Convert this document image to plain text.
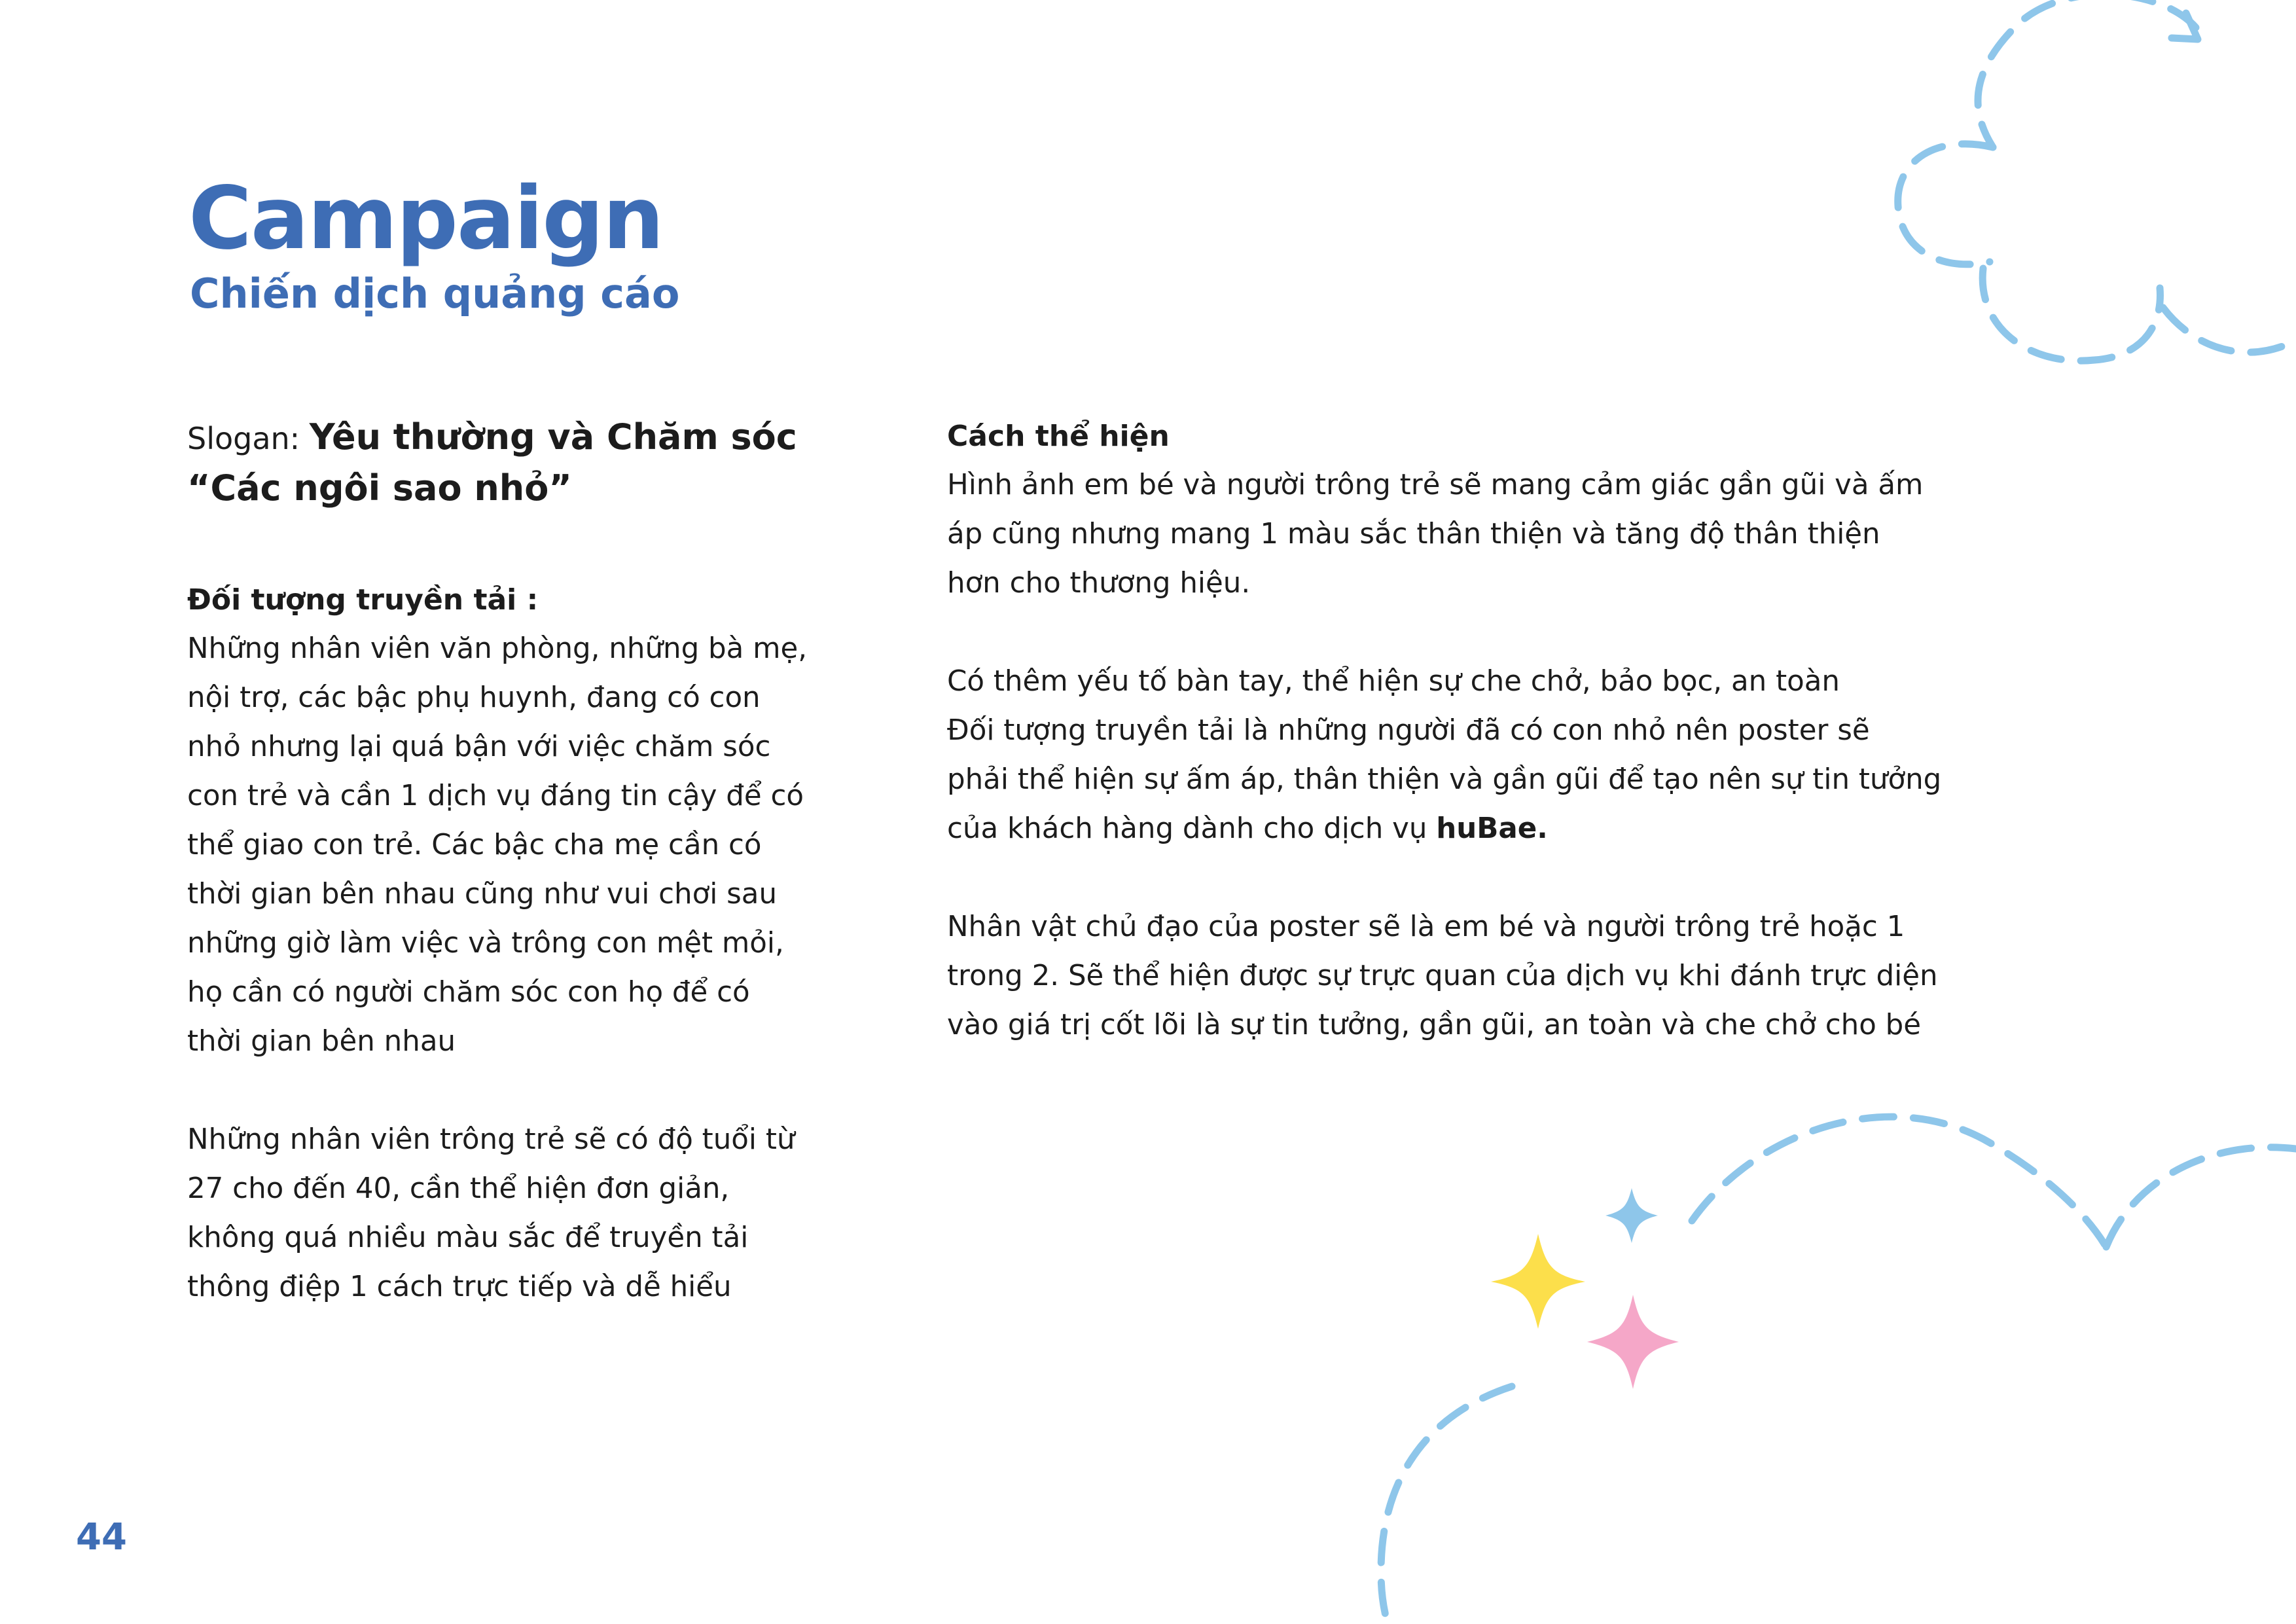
Campaign
Chiến dịch quảng cáo

Slogan: Yêu thường và Chăm sóc

“Các ngôi sao nhỏ”

Đối tượng truyền tải :

Những nhân viên văn phòng, những bà mẹ,

nội trợ, các bậc phụ huynh, đang có con

nhỏ nhưng lại quá bận với việc chăm sóc

con trẻ và cần 1 dịch vụ đáng tin cậy để có

thể giao con trẻ. Các bậc cha mẹ cần có

thời gian bên nhau cũng như vui chơi sau

những giờ làm việc và trông con mệt mỏi,

họ cần có người chăm sóc con họ để có

thời gian bên nhau

Những nhân viên trông trẻ sẽ có độ tuổi từ

27 cho đến 40, cần thể hiện đơn giản,

không quá nhiều màu sắc để truyền tải

thông điệp 1 cách trực tiếp và dễ hiểu

Cách thể hiện

Hình ảnh em bé và người trông trẻ sẽ mang cảm giác gần gũi và ấm

áp cũng nhưng mang 1 màu sắc thân thiện và tăng độ thân thiện

hơn cho thương hiệu.

Có thêm yếu tố bàn tay, thể hiện sự che chở, bảo bọc, an toàn

Đối tượng truyền tải là những người đã có con nhỏ nên poster sẽ

phải thể hiện sự ấm áp, thân thiện và gần gũi để tạo nên sự tin tưởng

của khách hàng dành cho dịch vụ huBae.

Nhân vật chủ đạo của poster sẽ là em bé và người trông trẻ hoặc 1

trong 2. Sẽ thể hiện được sự trực quan của dịch vụ khi đánh trực diện

vào giá trị cốt lõi là sự tin tưởng, gần gũi, an toàn và che chở cho bé

44
